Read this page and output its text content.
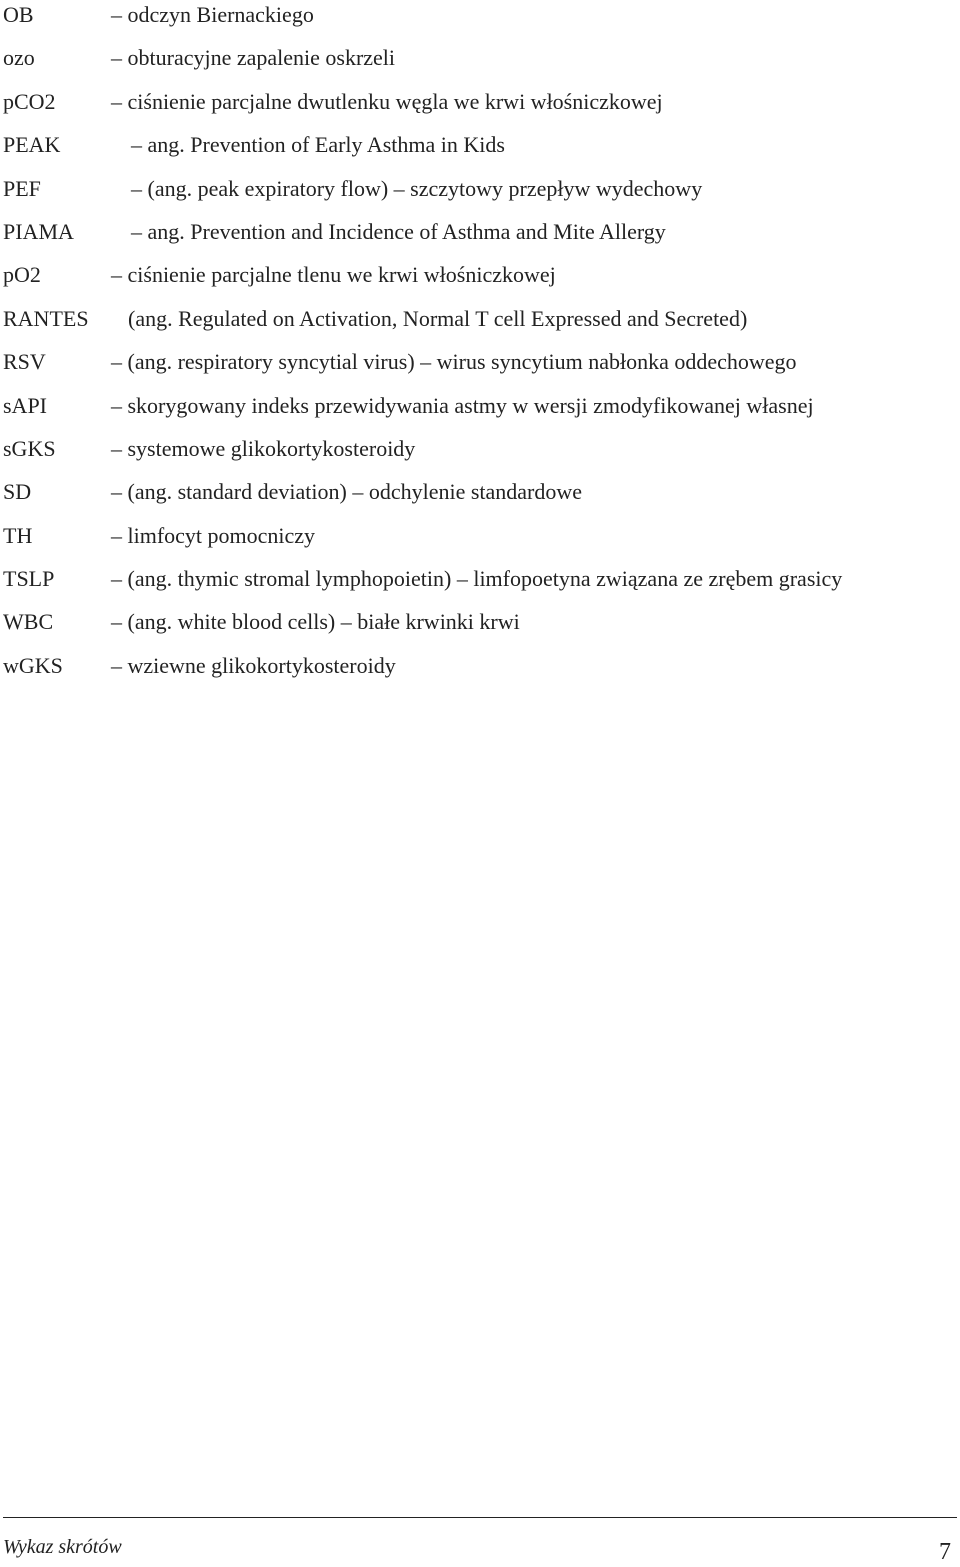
OB	– odczyn Biernackiego
ozo	– obturacyjne zapalenie oskrzeli
pCO2	– ciśnienie parcjalne dwutlenku węgla we krwi włośniczkowej
PEAK	– ang. Prevention of Early Asthma in Kids
PEF	– (ang. peak expiratory flow) – szczytowy przepływ wydechowy
PIAMA	– ang. Prevention and Incidence of Asthma and Mite Allergy
pO2	– ciśnienie parcjalne tlenu we krwi włośniczkowej
RANTES (ang. Regulated on Activation, Normal T cell Expressed and Secreted)
RSV	– (ang. respiratory syncytial virus) – wirus syncytium nabłonka oddechowego
sAPI	– skorygowany indeks przewidywania astmy w wersji zmodyfikowanej własnej
sGKS	– systemowe glikokortykosteroidy
SD	– (ang. standard deviation) – odchylenie standardowe
TH	– limfocyt pomocniczy
TSLP	– (ang. thymic stromal lymphopoietin) – limfopoetyna związana ze zrębem grasicy
WBC	– (ang. white blood cells) – białe krwinki krwi
wGKS – wziewne glikokortykosteroidy
Wykaz skrótów	7
